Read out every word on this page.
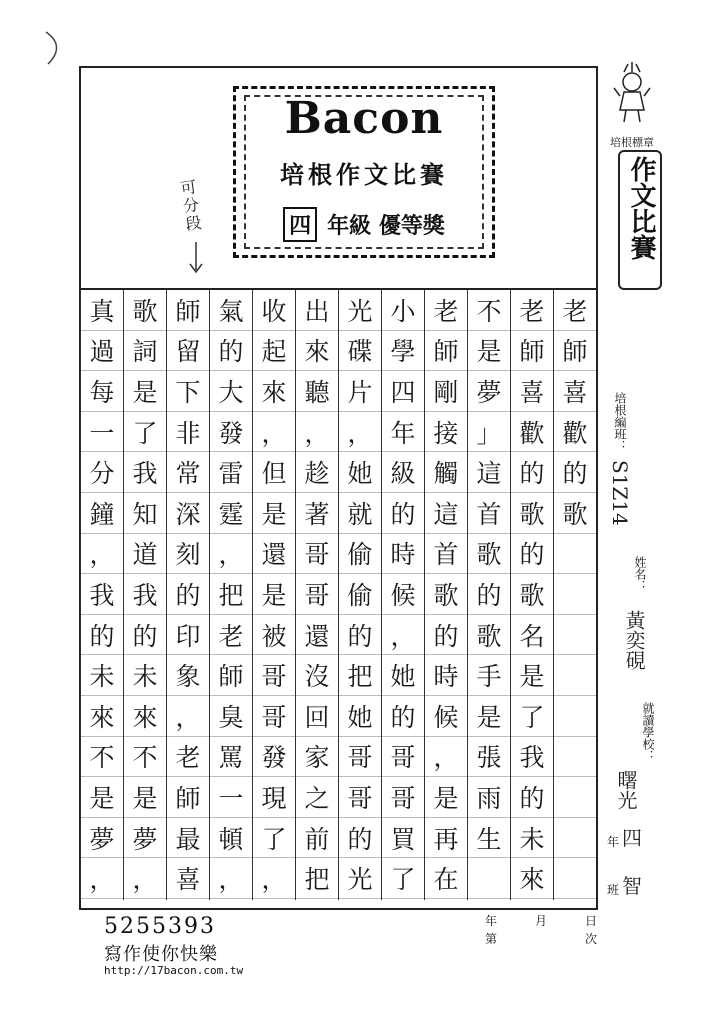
Bacon
培根作文比賽
四 年級 優等獎
可分段
老
師
喜
歡
的
歌
老
師
喜
歡
的
歌
的
歌
名
是
了
我
的
未
來
不
是
夢
」
這
首
歌
的
歌
手
是
張
雨
生
老
師
剛
接
觸
這
首
歌
的
時
候
，
是
再
在
小
學
四
年
級
的
時
候
，
她
的
哥
哥
買
了
光
碟
片
，
她
就
偷
偷
的
把
她
哥
哥
的
光
出
來
聽
，
趁
著
哥
哥
還
沒
回
家
之
前
把
收
起
來
，
但
是
還
是
被
哥
哥
發
現
了
，
氣
的
大
發
雷
霆
，
把
老
師
臭
罵
一
頓
，
師
留
下
非
常
深
刻
的
印
象
，
老
師
最
喜
歌
詞
是
了
我
知
道
我
的
未
來
不
是
夢
，
真
過
每
一
分
鐘
，
我
的
未
來
不
是
夢
，
培根標章
作文比賽
培根編班：
S1Z14
姓名：
黃奕硯
就讀學校：
曙光
年 四
班 智
5255393
寫作使你快樂
http://17bacon.com.tw
年	月	日
第	次
